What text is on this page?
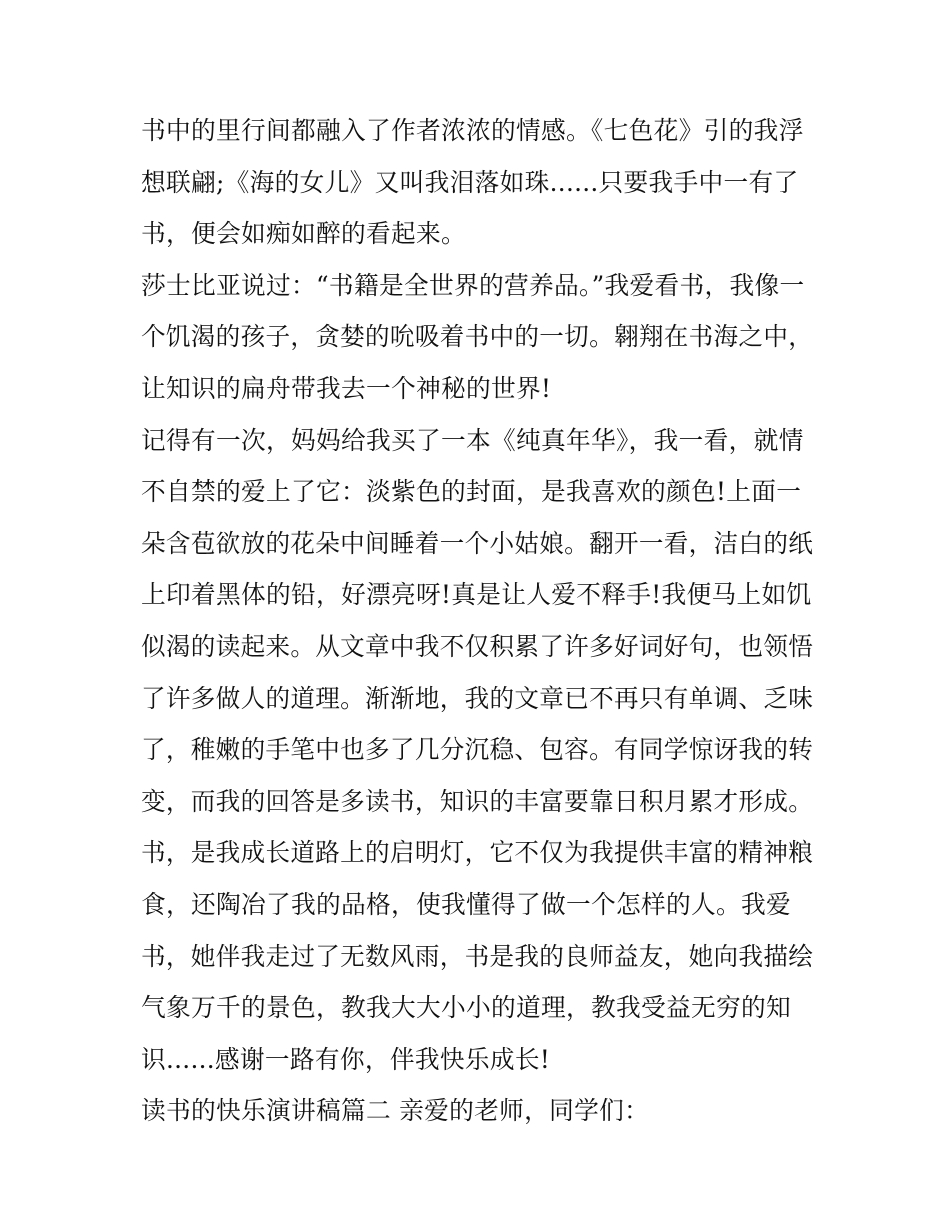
书中的里行间都融入了作者浓浓的情感。《七色花》引的我浮
想联翩;《海的女儿》又叫我泪落如珠......只要我手中一有了
书，便会如痴如醉的看起来。
莎士比亚说过：“书籍是全世界的营养品。”我爱看书，我像一
个饥渴的孩子，贪婪的吮吸着书中的一切。翱翔在书海之中，
让知识的扁舟带我去一个神秘的世界!
记得有一次，妈妈给我买了一本《纯真年华》，我一看，就情
不自禁的爱上了它：淡紫色的封面，是我喜欢的颜色!上面一
朵含苞欲放的花朵中间睡着一个小姑娘。翻开一看，洁白的纸
上印着黑体的铅，好漂亮呀!真是让人爱不释手!我便马上如饥
似渴的读起来。从文章中我不仅积累了许多好词好句，也领悟
了许多做人的道理。渐渐地，我的文章已不再只有单调、乏味
了，稚嫩的手笔中也多了几分沉稳、包容。有同学惊讶我的转
变，而我的回答是多读书，知识的丰富要靠日积月累才形成。
书，是我成长道路上的启明灯，它不仅为我提供丰富的精神粮
食，还陶冶了我的品格，使我懂得了做一个怎样的人。我爱
书，她伴我走过了无数风雨，书是我的良师益友，她向我描绘
气象万千的景色，教我大大小小的道理，教我受益无穷的知
识......感谢一路有你，伴我快乐成长!
读书的快乐演讲稿篇二 亲爱的老师，同学们：
